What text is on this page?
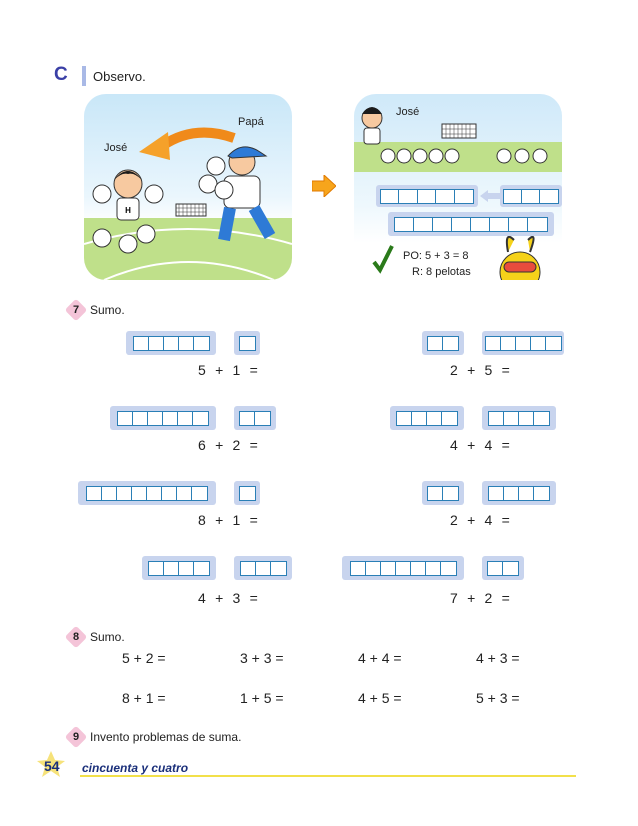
C Observo.
H
Papá
José
José
PO: 5 + 3 = 8
R: 8 pelotas
7 Sumo.
5  +  1  =	2  +  5  =
6  +  2  =	4  +  4  =
8  +  1  =	2  +  4  =
4  +  3  =	7  +  2  =
8 Sumo.
5 + 2 =	3 + 3 =	4 + 4 =	4 + 3 =
8 + 1 =	1 + 5 =	4 + 5 =	5 + 3 =
9 Invento problemas de suma.
54 cincuenta y cuatro
